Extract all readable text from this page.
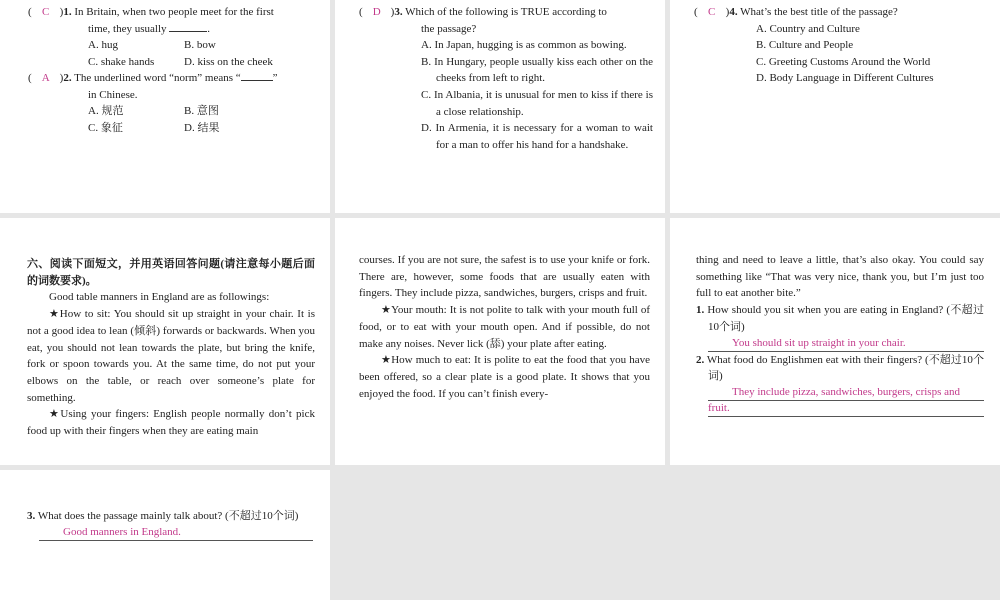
( C )1. In Britain, when two people meet for the first
time, they usually	.
A. hug	B. bow
C. shake hands	D. kiss on the cheek
( A )2. The underlined word “norm” means “	”
in Chinese.
A. 规范	B. 意图
C. 象征	D. 结果
( D )3. Which of the following is TRUE according to
the passage?
A. In Japan, hugging is as common as bowing.
B. In Hungary, people usually kiss each other on the cheeks from left to right.
C. In Albania, it is unusual for men to kiss if there is a close relationship.
D. In Armenia, it is necessary for a woman to wait for a man to offer his hand for a handshake.
( C )4. What’s the best title of the passage?
A. Country and Culture
B. Culture and People
C. Greeting Customs Around the World
D. Body Language in Different Cultures

六、阅读下面短文，并用英语回答问题(请注意每小题后面的词数要求)。

Good table manners in England are as followings:

★How to sit: You should sit up straight in your chair. It is not a good idea to lean (倾斜) forwards or backwards. When you eat, you should not lean towards the plate, but bring the knife, fork or spoon towards you. At the same time, do not put your elbows on the table, or reach over someone’s plate for something.

★Using your fingers: English people normally don’t pick food up with their fingers when they are eating main

courses. If you are not sure, the safest is to use your knife or fork. There are, however, some foods that are usually eaten with fingers. They include pizza, sandwiches, burgers, crisps and fruit.

★Your mouth: It is not polite to talk with your mouth full of food, or to eat with your mouth open. And if possible, do not make any noises. Never lick (舔) your plate after eating.

★How much to eat: It is polite to eat the food that you have been offered, so a clear plate is a good plate. It shows that you enjoyed the food. If you can’t finish every-

thing and need to leave a little, that’s also okay. You could say something like “That was very nice, thank you, but I’m just too full to eat another bite.”

1. How should you sit when you are eating in England? (不超过10个词)
You should sit up straight in your chair.
2. What food do Englishmen eat with their fingers? (不超过10个词)
They include pizza, sandwiches, burgers, crisps and
fruit.
3. What does the passage mainly talk about? (不超过10个词)
Good manners in England.
